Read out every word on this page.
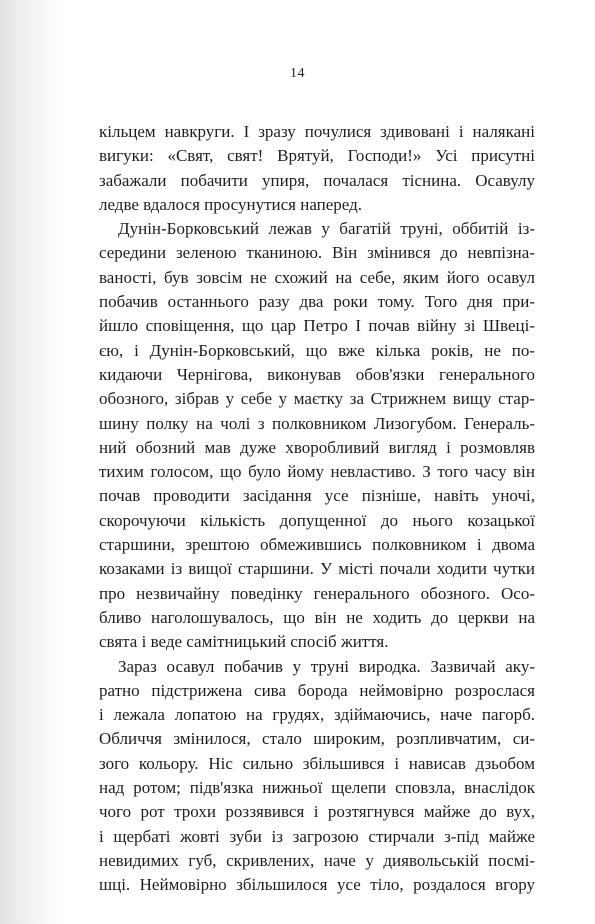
14
кільцем навкруги. І зразу почулися здивовані і налякані
вигуки: «Свят, свят! Врятуй, Господи!» Усі присутні
забажали побачити упиря, почалася тіснина. Осавулу
ледве вдалося просунутися наперед.
Дунін-Борковський лежав у багатій труні, оббитій із-
середини зеленою тканиною. Він змінився до невпізна-
ваності, був зовсім не схожий на себе, яким його осавул
побачив останнього разу два роки тому. Того дня при-
йшло сповіщення, що цар Петро І почав війну зі Швеці-
єю, і Дунін-Борковський, що вже кілька років, не по-
кидаючи Чернігова, виконував обов'язки генерального
обозного, зібрав у себе у маєтку за Стрижнем вищу стар-
шину полку на чолі з полковником Лизогубом. Генераль-
ний обозний мав дуже хворобливий вигляд і розмовляв
тихим голосом, що було йому невластиво. З того часу він
почав проводити засідання усе пізніше, навіть уночі,
скорочуючи кількість допущенної до нього козацької
старшини, зрештою обмежившись полковником і двома
козаками із вищої старшини. У місті почали ходити чутки
про незвичайну поведінку генерального обозного. Осо-
бливо наголошувалось, що він не ходить до церкви на
свята і веде самітницький спосіб життя.
Зараз осавул побачив у труні виродка. Зазвичай аку-
ратно підстрижена сива борода неймовірно розрослася
і лежала лопатою на грудях, здіймаючись, наче пагорб.
Обличчя змінилося, стало широким, розпливчатим, си-
зого кольору. Ніс сильно збільшився і нависав дзьобом
над ротом; підв'язка нижньої щелепи сповзла, внаслідок
чого рот трохи роззявився і розтягнувся майже до вух,
і щербаті жовті зуби із загрозою стирчали з-під майже
невидимих губ, скривлених, наче у диявольській посмі-
шці. Неймовірно збільшилося усе тіло, роздалося вгору
